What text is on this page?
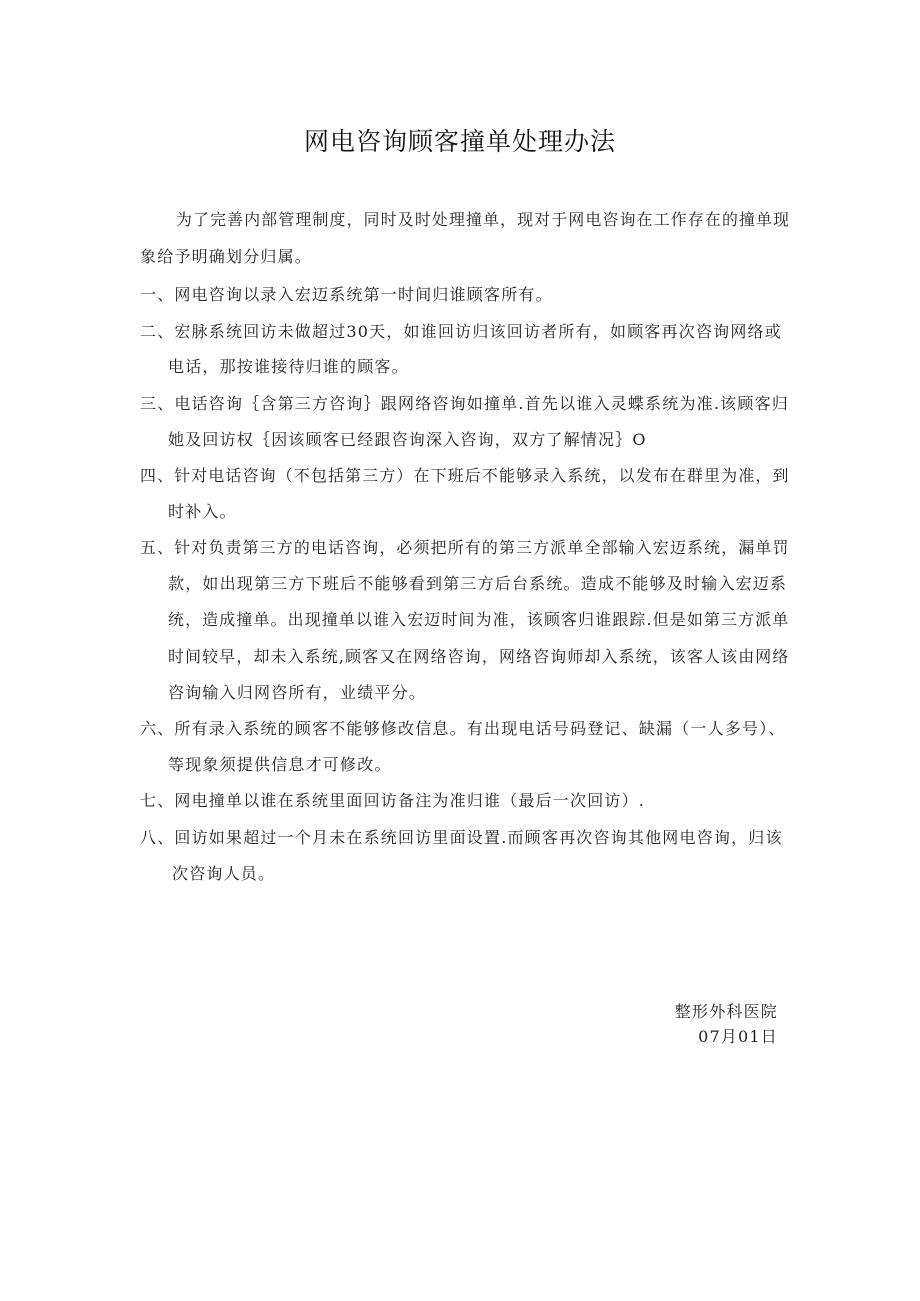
网电咨询顾客撞单处理办法
为了完善内部管理制度，同时及时处理撞单，现对于网电咨询在工作存在的撞单现
象给予明确划分归属。
一、网电咨询以录入宏迈系统第一时间归谁顾客所有。
二、宏脉系统回访未做超过30天，如谁回访归该回访者所有，如顾客再次咨询网络或
电话，那按谁接待归谁的顾客。
三、电话咨询｛含第三方咨询｝跟网络咨询如撞单.首先以谁入灵蝶系统为准.该顾客归
她及回访权｛因该顾客已经跟咨询深入咨询，双方了解情况｝O
四、针对电话咨询（不包括第三方）在下班后不能够录入系统，以发布在群里为准，到
时补入。
五、针对负责第三方的电话咨询，必须把所有的第三方派单全部输入宏迈系统，漏单罚
款，如出现第三方下班后不能够看到第三方后台系统。造成不能够及时输入宏迈系
统，造成撞单。出现撞单以谁入宏迈时间为准，该顾客归谁跟踪.但是如第三方派单
时间较早，却未入系统,顾客又在网络咨询，网络咨询师却入系统，该客人该由网络
咨询输入归网咨所有，业绩平分。
六、所有录入系统的顾客不能够修改信息。有出现电话号码登记、缺漏（一人多号）、
等现象须提供信息才可修改。
七、网电撞单以谁在系统里面回访备注为准归谁（最后一次回访）.
八、回访如果超过一个月未在系统回访里面设置.而顾客再次咨询其他网电咨询，归该
次咨询人员。
整形外科医院
07月01日
